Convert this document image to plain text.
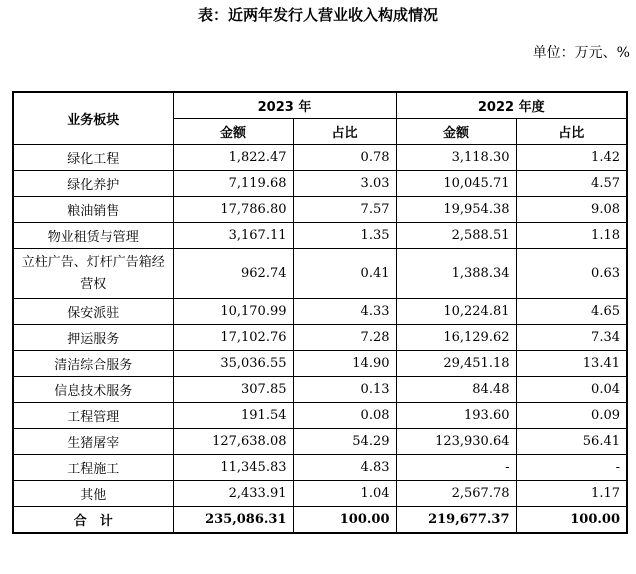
表：近两年发行人营业收入构成情况
单位：万元、%
业务板块	2023 年		2022 年度	
	金额	占比	金额	占比
绿化工程	1,822.47	0.78	3,118.30	1.42
绿化养护	7,119.68	3.03	10,045.71	4.57
粮油销售	17,786.80	7.57	19,954.38	9.08
物业租赁与管理	3,167.11	1.35	2,588.51	1.18
立柱广告、灯杆广告箱经营权	962.74	0.41	1,388.34	0.63
保安派驻	10,170.99	4.33	10,224.81	4.65
押运服务	17,102.76	7.28	16,129.62	7.34
清洁综合服务	35,036.55	14.90	29,451.18	13.41
信息技术服务	307.85	0.13	84.48	0.04
工程管理	191.54	0.08	193.60	0.09
生猪屠宰	127,638.08	54.29	123,930.64	56.41
工程施工	11,345.83	4.83	-	-
其他	2,433.91	1.04	2,567.78	1.17
合　计	235,086.31	100.00	219,677.37	100.00
